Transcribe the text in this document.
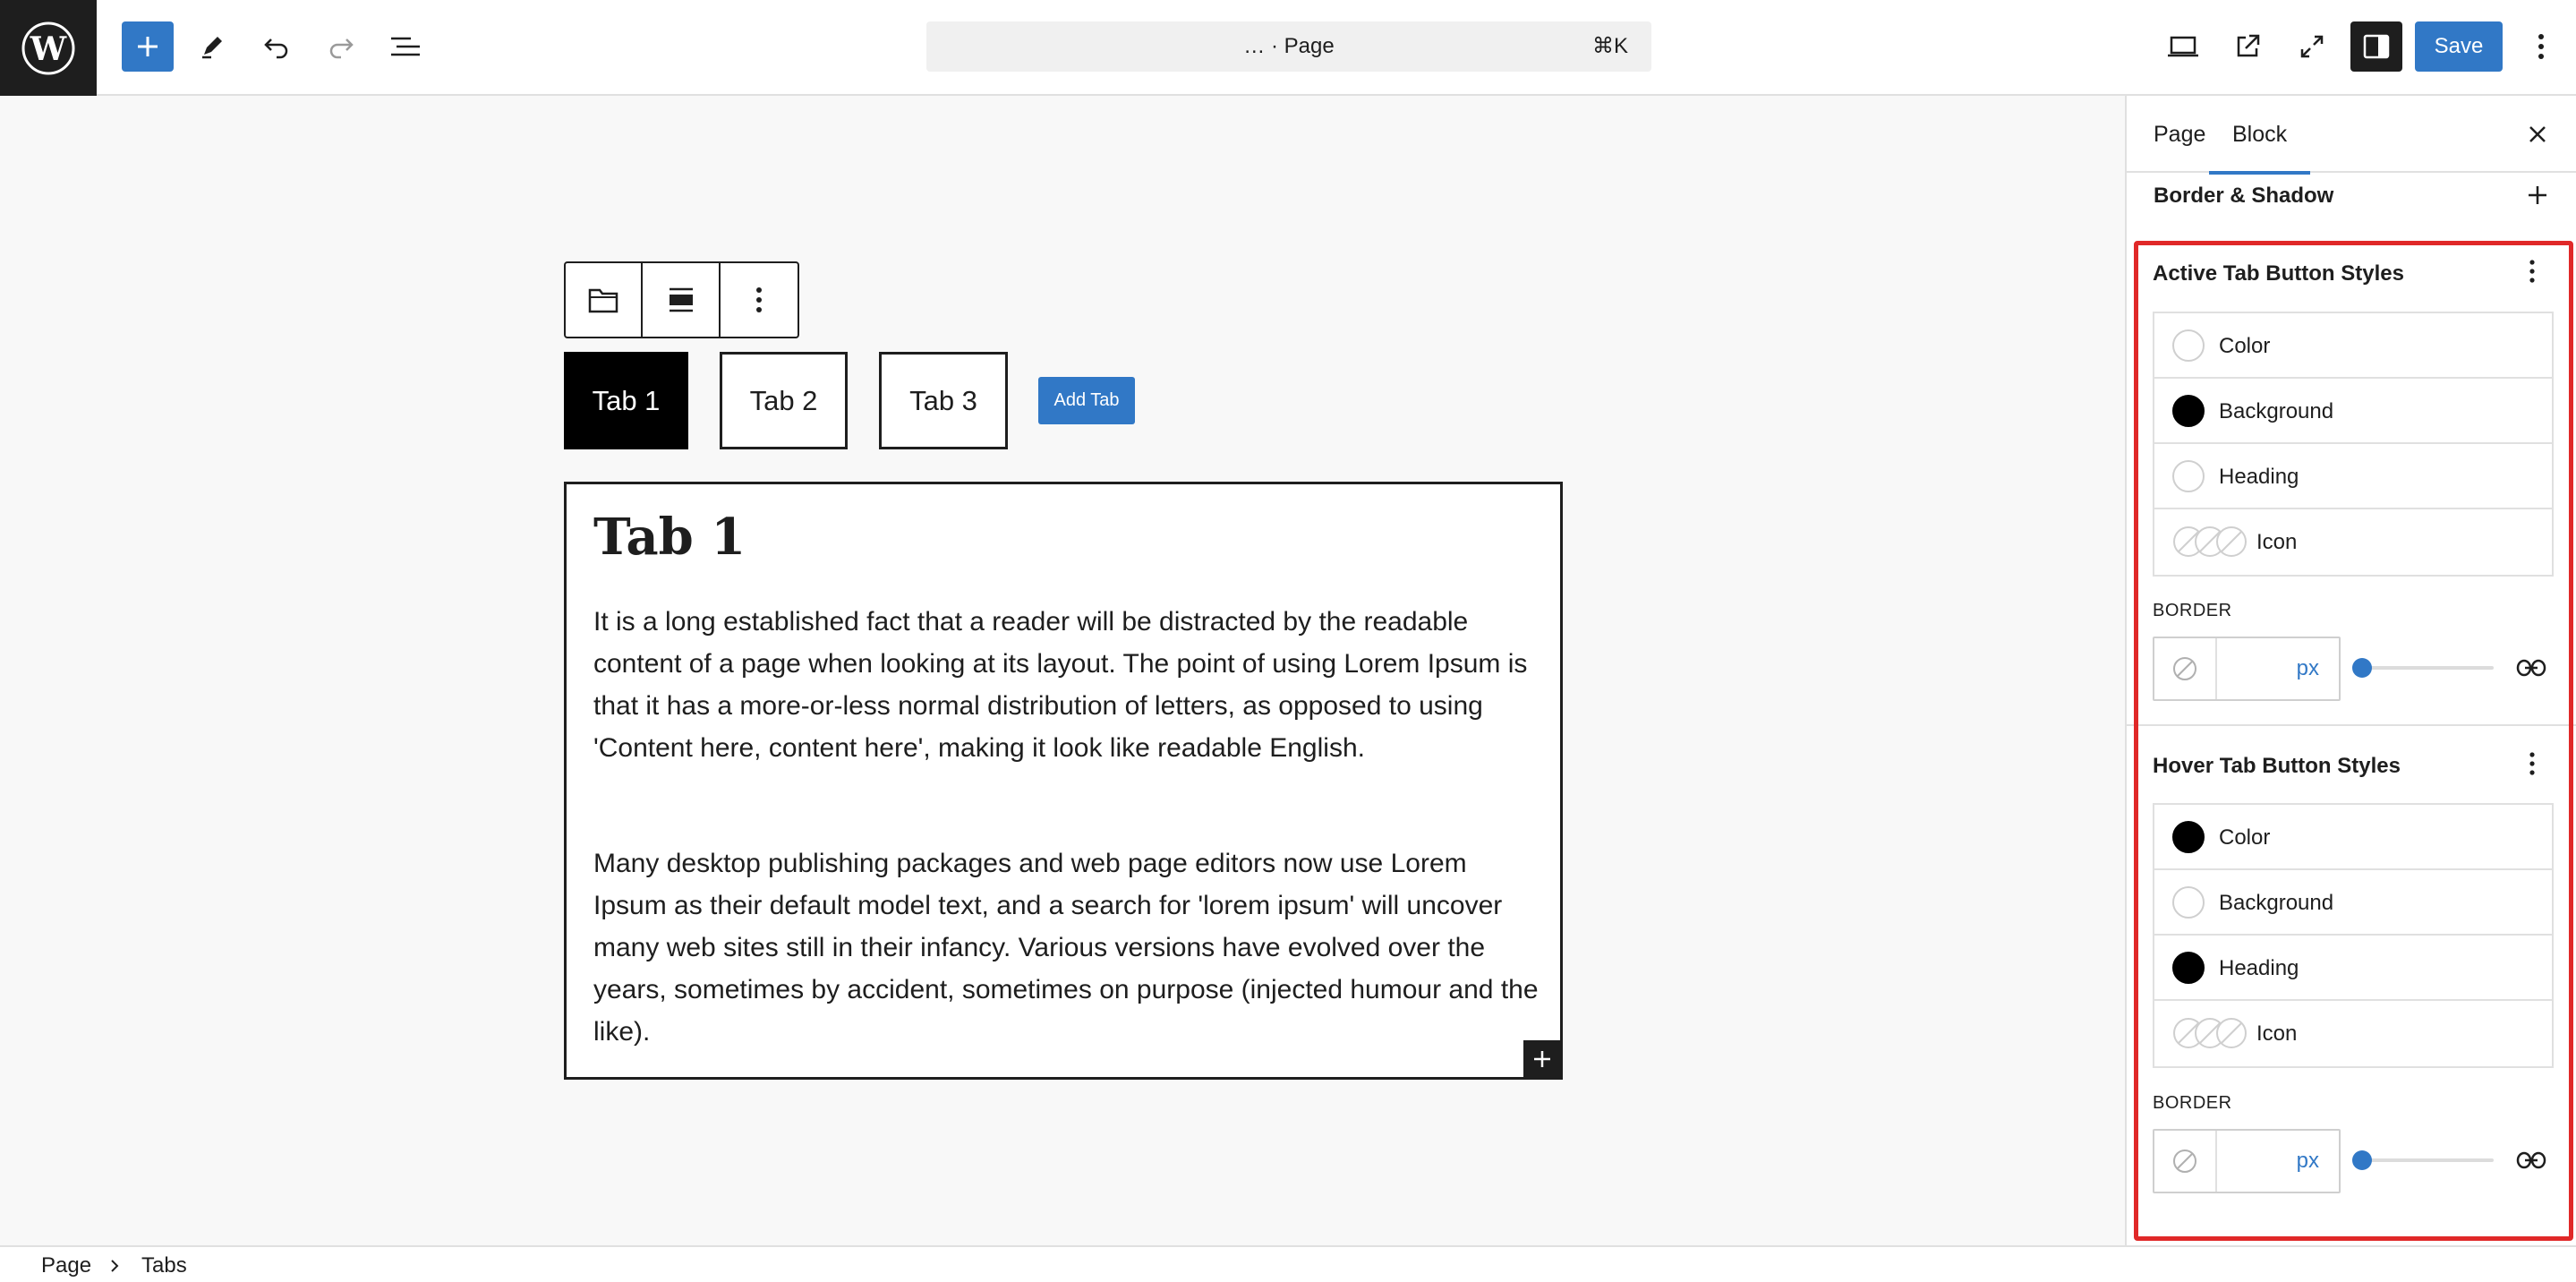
W	… · Page	⌘K	Save
Tab 1	Tab 2	Tab 3	Add Tab
Tab 1

It is a long established fact that a reader will be distracted by the readable content of a page when looking at its layout. The point of using Lorem Ipsum is that it has a more-or-less normal distribution of letters, as opposed to using 'Content here, content here', making it look like readable English.

Many desktop publishing packages and web page editors now use Lorem Ipsum as their default model text, and a search for 'lorem ipsum' will uncover many web sites still in their infancy. Various versions have evolved over the years, sometimes by accident, sometimes on purpose (injected humour and the like).

Page Block
Border & Shadow
Active Tab Button Styles
Color
Background
Heading
Icon
BORDER
px
Hover Tab Button Styles
Color
Background
Heading
Icon
BORDER
px
Page Tabs
